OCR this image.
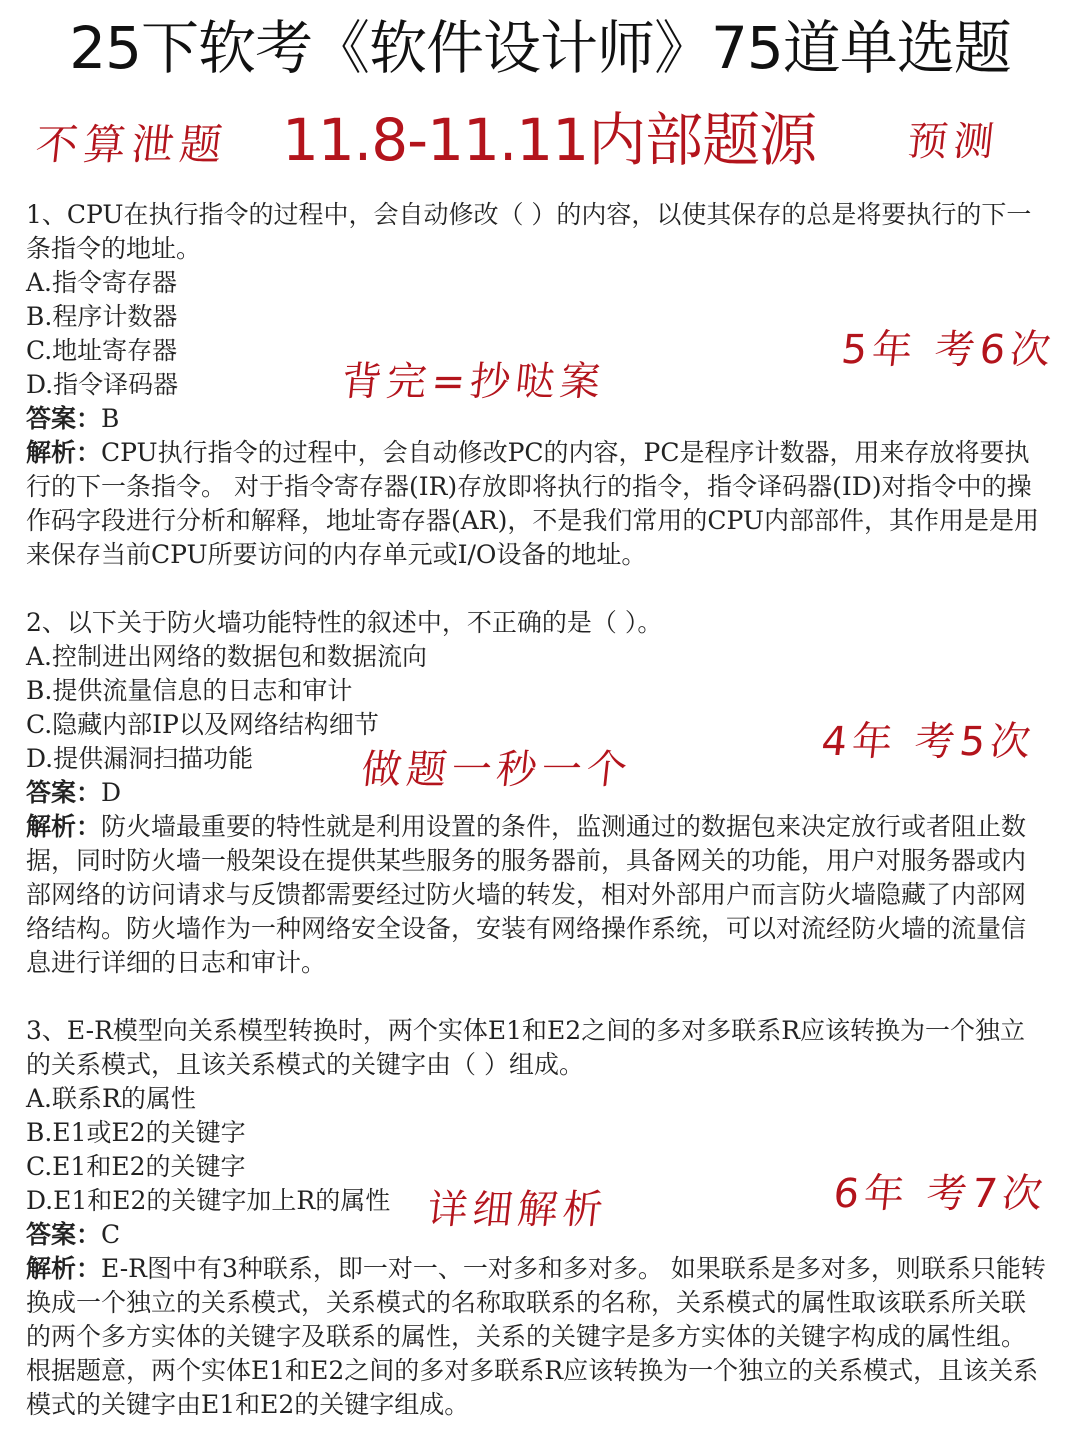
25下软考《软件设计师》75道单选题
不算泄题 11.8-11.11内部题源 预测

1、CPU在执行指令的过程中，会自动修改（ ）的内容，以使其保存的总是将要执行的下一条指令的地址。

A.指令寄存器

B.程序计数器

C.地址寄存器

D.指令译码器

答案：B

解析：CPU执行指令的过程中，会自动修改PC的内容，PC是程序计数器，用来存放将要执行的下一条指令。 对于指令寄存器(IR)存放即将执行的指令，指令译码器(ID)对指令中的操作码字段进行分析和解释，地址寄存器(AR)，不是我们常用的CPU内部部件，其作用是是用来保存当前CPU所要访问的内存单元或I/O设备的地址。

5年 考6次
背完=抄哒案

2、以下关于防火墙功能特性的叙述中，不正确的是（ ）。

A.控制进出网络的数据包和数据流向

B.提供流量信息的日志和审计

C.隐藏内部IP以及网络结构细节

D.提供漏洞扫描功能

答案：D

解析：防火墙最重要的特性就是利用设置的条件，监测通过的数据包来决定放行或者阻止数据，同时防火墙一般架设在提供某些服务的服务器前，具备网关的功能，用户对服务器或内部网络的访问请求与反馈都需要经过防火墙的转发，相对外部用户而言防火墙隐藏了内部网络结构。防火墙作为一种网络安全设备，安装有网络操作系统，可以对流经防火墙的流量信息进行详细的日志和审计。

4年 考5次
做题一秒一个

3、E-R模型向关系模型转换时，两个实体E1和E2之间的多对多联系R应该转换为一个独立的关系模式，且该关系模式的关键字由（ ）组成。

A.联系R的属性

B.E1或E2的关键字

C.E1和E2的关键字

D.E1和E2的关键字加上R的属性

答案：C

解析：E-R图中有3种联系，即一对一、一对多和多对多。 如果联系是多对多，则联系只能转换成一个独立的关系模式，关系模式的名称取联系的名称，关系模式的属性取该联系所关联的两个多方实体的关键字及联系的属性，关系的关键字是多方实体的关键字构成的属性组。根据题意，两个实体E1和E2之间的多对多联系R应该转换为一个独立的关系模式，且该关系模式的关键字由E1和E2的关键字组成。

6年 考7次
详细解析
